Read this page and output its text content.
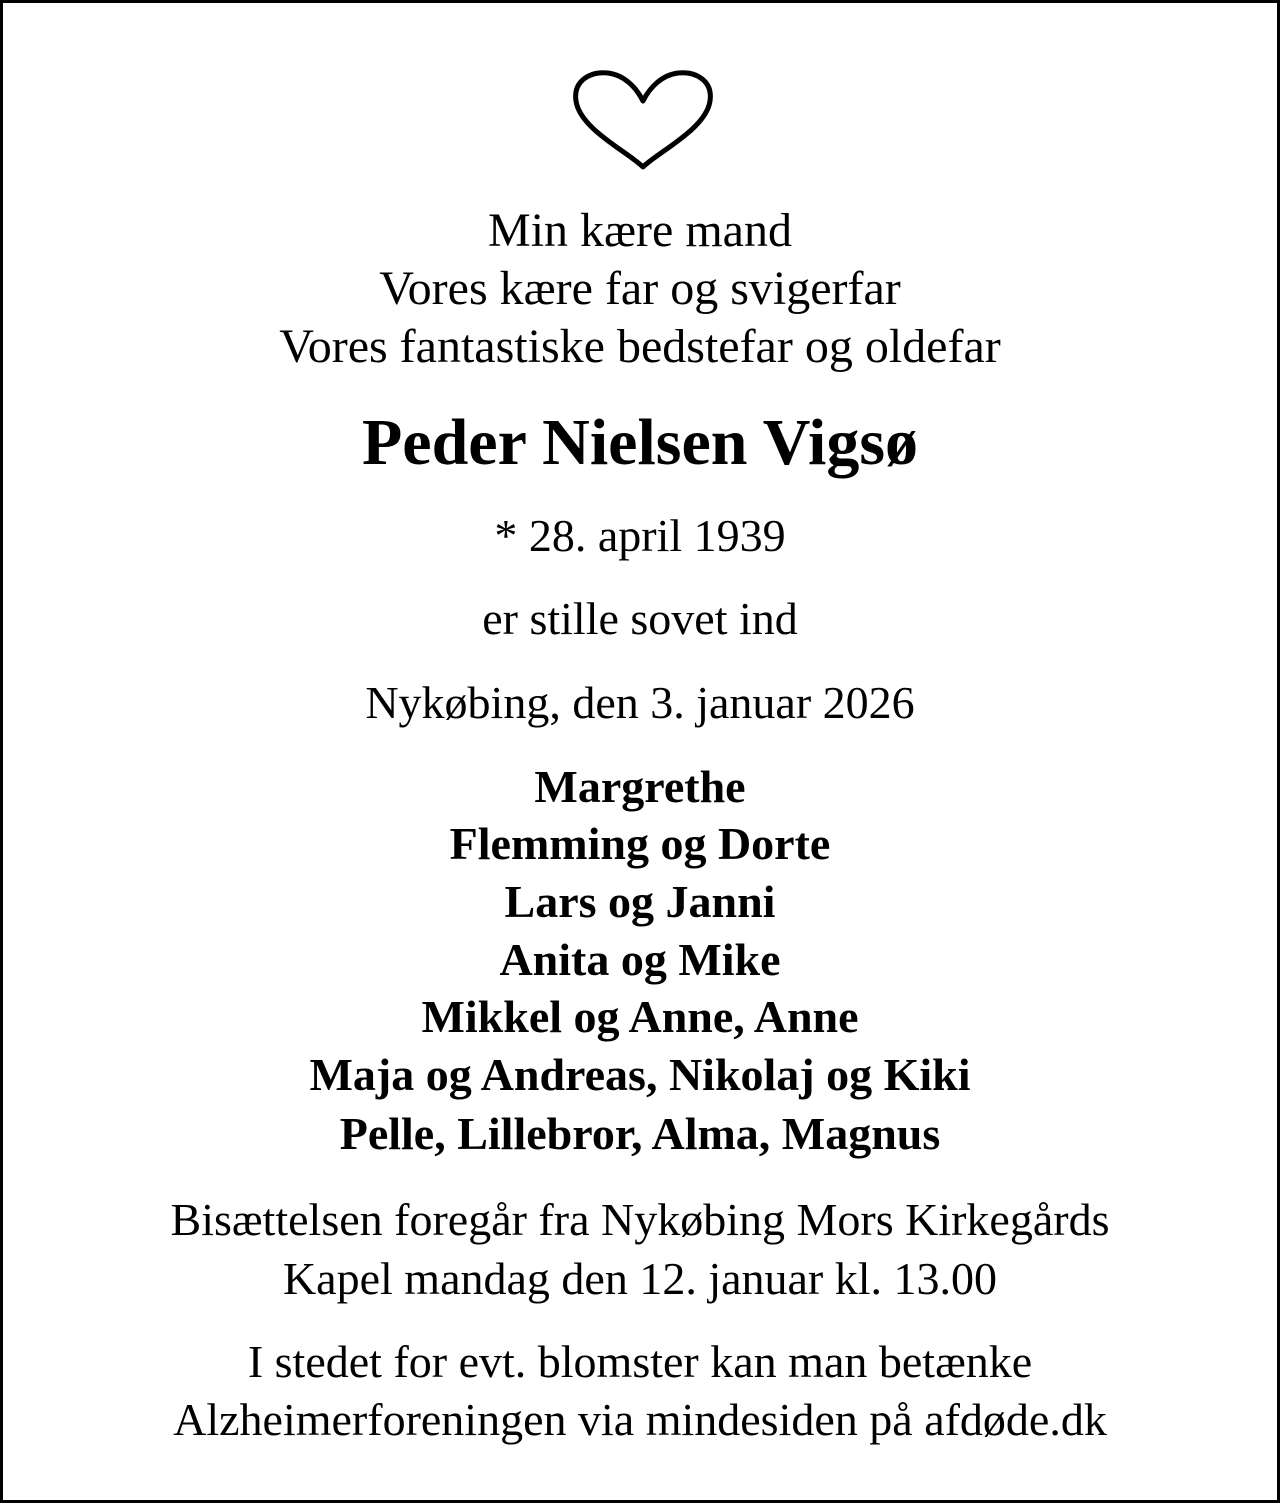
Min kære mand
Vores kære far og svigerfar
Vores fantastiske bedstefar og oldefar
Peder Nielsen Vigsø
* 28. april 1939
er stille sovet ind
Nykøbing, den 3. januar 2026
Margrethe
Flemming og Dorte
Lars og Janni
Anita og Mike
Mikkel og Anne, Anne
Maja og Andreas, Nikolaj og Kiki
Pelle, Lillebror, Alma, Magnus
Bisættelsen foregår fra Nykøbing Mors Kirkegårds
Kapel mandag den 12. januar kl. 13.00
I stedet for evt. blomster kan man betænke
Alzheimerforeningen via mindesiden på afdøde.dk
